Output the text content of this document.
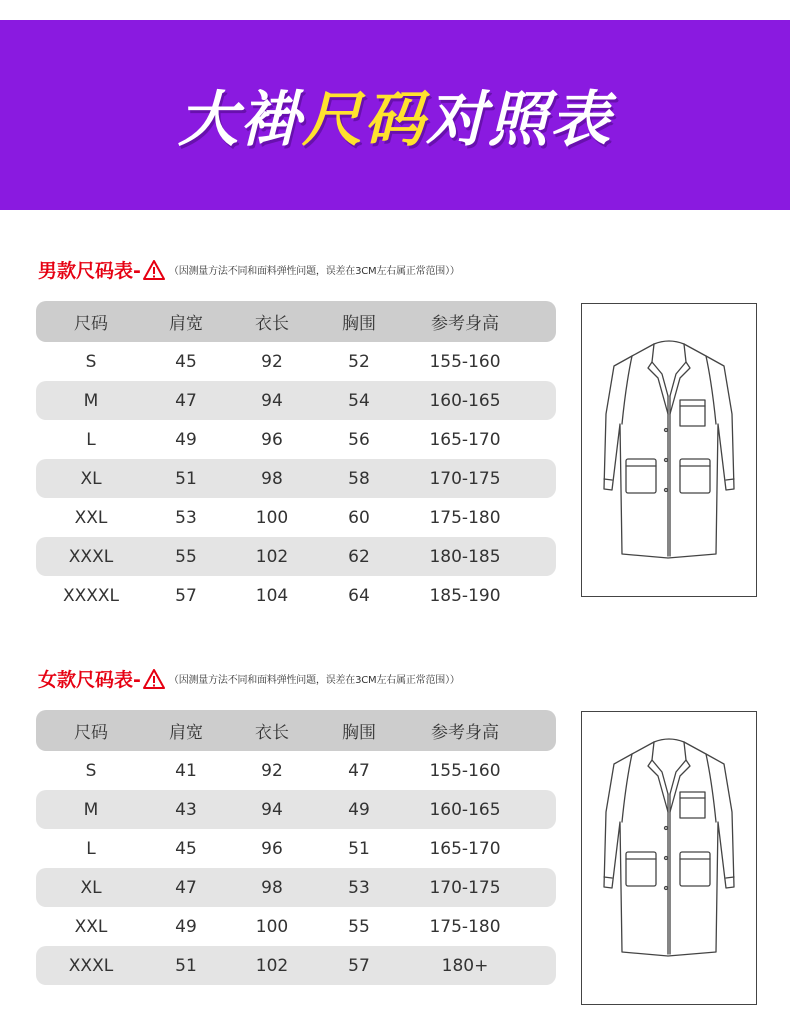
大褂尺码对照表
男款尺码表-	（因测量方法不同和面料弹性问题，误差在3CM左右属正常范围））
尺码	肩宽	衣长	胸围	参考身高
S	45	92	52	155-160
M	47	94	54	160-165
L	49	96	56	165-170
XL	51	98	58	170-175
XXL	53	100	60	175-180
XXXL	55	102	62	180-185
XXXXL	57	104	64	185-190
女款尺码表-	（因测量方法不同和面料弹性问题，误差在3CM左右属正常范围））
尺码	肩宽	衣长	胸围	参考身高
S	41	92	47	155-160
M	43	94	49	160-165
L	45	96	51	165-170
XL	47	98	53	170-175
XXL	49	100	55	175-180
XXXL	51	102	57	180+
